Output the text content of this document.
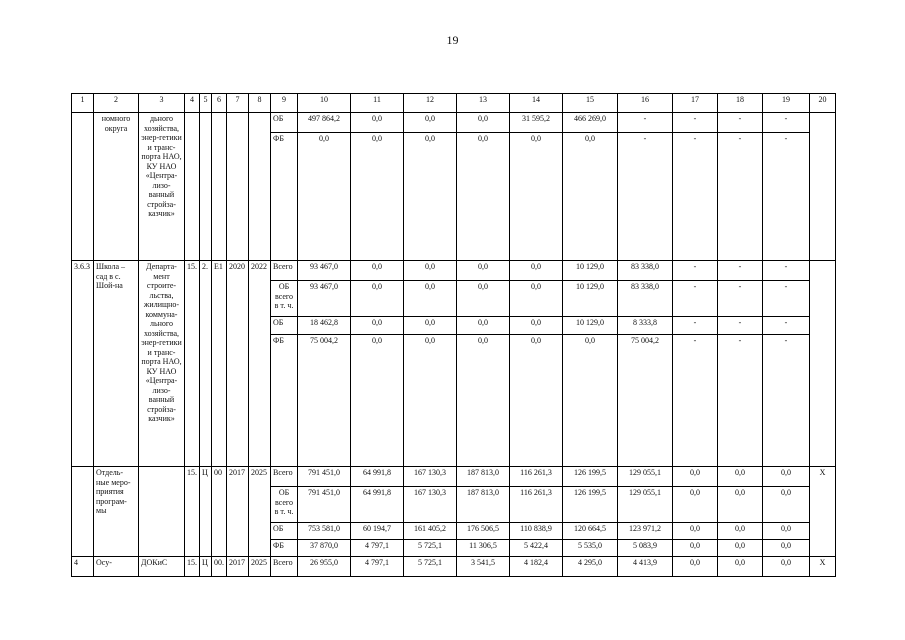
19
1	2	3	4	5	6	7	8	9	10	11	12	13	14	15	16	17	18	19	20
	номного округа	дьного хозяйства, энер-гетики и транс-порта НАО, КУ НАО «Центра-лизо-ванный стройза-казчик»						ОБ	497 864,2	0,0	0,0	0,0	31 595,2	466 269,0	-	-	-	-	
								ФБ	0,0	0,0	0,0	0,0	0,0	0,0	-	-	-	-	
3.6.3	Школа – сад в с. Шой-на	Департа-мент строите-льства, жилищно-коммуна-льного хозяйства, энер-гетики и транс-порта НАО, КУ НАО «Центра-лизо-ванный стройза-казчик»	15.	2.	Е1	2020	2022	Всего	93 467,0	0,0	0,0	0,0	0,0	10 129,0	83 338,0	-	-	-	
								ОБ всего в т. ч.	93 467,0	0,0	0,0	0,0	0,0	10 129,0	83 338,0	-	-	-	
								ОБ	18 462,8	0,0	0,0	0,0	0,0	10 129,0	8 333,8	-	-	-	
								ФБ	75 004,2	0,0	0,0	0,0	0,0	0,0	75 004,2	-	-	-	
	Отдель-ные меро-приятия програм-мы		15.	Ц	00	2017	2025	Всего	791 451,0	64 991,8	167 130,3	187 813,0	116 261,3	126 199,5	129 055,1	0,0	0,0	0,0	Х
								ОБ всего в т. ч.	791 451,0	64 991,8	167 130,3	187 813,0	116 261,3	126 199,5	129 055,1	0,0	0,0	0,0	
								ОБ	753 581,0	60 194,7	161 405,2	176 506,5	110 838,9	120 664,5	123 971,2	0,0	0,0	0,0	
								ФБ	37 870,0	4 797,1	5 725,1	11 306,5	5 422,4	5 535,0	5 083,9	0,0	0,0	0,0	
4	Осу-	ДОКиС	15.	Ц	00.	2017	2025	Всего	26 955,0	4 797,1	5 725,1	3 541,5	4 182,4	4 295,0	4 413,9	0,0	0,0	0,0	Х
